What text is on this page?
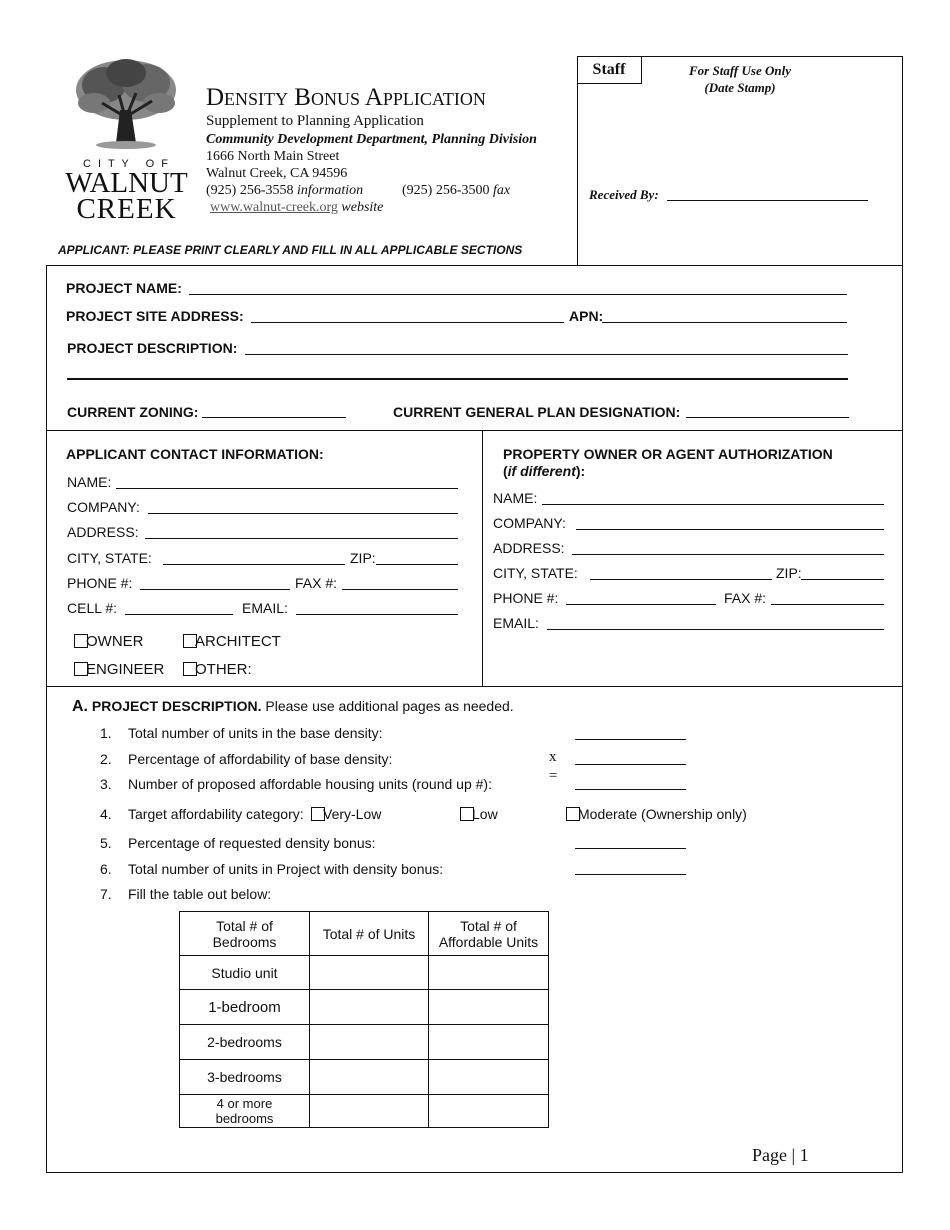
C I T Y   O F
WALNUT
CREEK
Density Bonus Application
Supplement to Planning Application
Community Development Department, Planning Division
1666 North Main Street
Walnut Creek, CA 94596
(925) 256-3558 information	(925) 256-3500 fax
www.walnut-creek.org website
APPLICANT: PLEASE PRINT CLEARLY AND FILL IN ALL APPLICABLE SECTIONS
Staff	For Staff Use Only
(Date Stamp)
Received By:
PROJECT NAME:
PROJECT SITE ADDRESS:	APN:
PROJECT DESCRIPTION:
CURRENT ZONING:	CURRENT GENERAL PLAN DESIGNATION:
APPLICANT CONTACT INFORMATION:
NAME:
COMPANY:
ADDRESS:
CITY, STATE:	ZIP:
PHONE #:	FAX #:
CELL #:	EMAIL:
OWNER	ARCHITECT
ENGINEER	OTHER:
PROPERTY OWNER OR AGENT AUTHORIZATION
(if different):
NAME:
COMPANY:
ADDRESS:
CITY, STATE:	ZIP:
PHONE #:	FAX #:
EMAIL:
A. PROJECT DESCRIPTION. Please use additional pages as needed.
1. Total number of units in the base density:
2. Percentage of affordability of base density:	x
3. Number of proposed affordable housing units (round up #):	=
4. Target affordability category:	Very-Low	Low	Moderate (Ownership only)
5. Percentage of requested density bonus:
6. Total number of units in Project with density bonus:
7. Fill the table out below:
Total # of Bedrooms	Total # of Units	Total # of Affordable Units
Studio unit		
1-bedroom		
2-bedrooms		
3-bedrooms		
4 or more bedrooms		
Page | 1
